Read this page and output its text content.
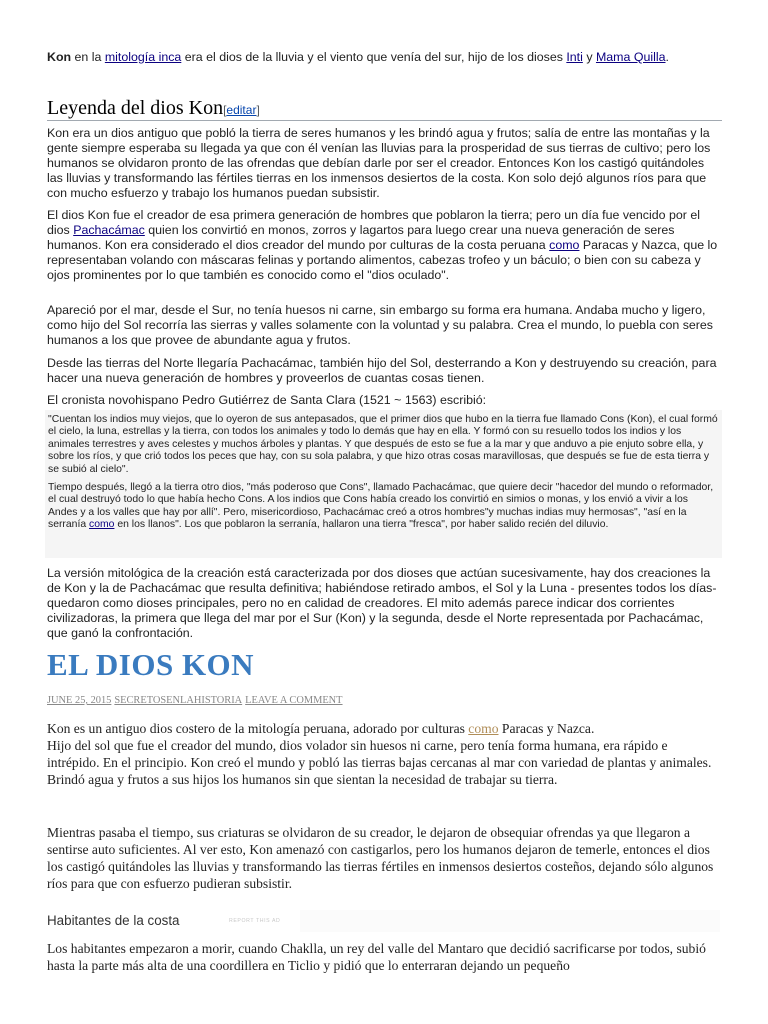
Kon en la mitología inca era el dios de la lluvia y el viento que venía del sur, hijo de los dioses Inti y Mama Quilla.

Leyenda del dios Kon[editar]

Kon era un dios antiguo que pobló la tierra de seres humanos y les brindó agua y frutos; salía de entre las montañas y la gente siempre esperaba su llegada ya que con él venían las lluvias para la prosperidad de sus tierras de cultivo; pero los humanos se olvidaron pronto de las ofrendas que debían darle por ser el creador. Entonces Kon los castigó quitándoles las lluvias y transformando las fértiles tierras en los inmensos desiertos de la costa. Kon solo dejó algunos ríos para que con mucho esfuerzo y trabajo los humanos puedan subsistir.

El dios Kon fue el creador de esa primera generación de hombres que poblaron la tierra; pero un día fue vencido por el dios Pachacámac quien los convirtió en monos, zorros y lagartos para luego crear una nueva generación de seres humanos. Kon era considerado el dios creador del mundo por culturas de la costa peruana como Paracas y Nazca, que lo representaban volando con máscaras felinas y portando alimentos, cabezas trofeo y un báculo; o bien con su cabeza y ojos prominentes por lo que también es conocido como el "dios oculado".

Apareció por el mar, desde el Sur, no tenía huesos ni carne, sin embargo su forma era humana. Andaba mucho y ligero, como hijo del Sol recorría las sierras y valles solamente con la voluntad y su palabra. Crea el mundo, lo puebla con seres humanos a los que provee de abundante agua y frutos.

Desde las tierras del Norte llegaría Pachacámac, también hijo del Sol, desterrando a Kon y destruyendo su creación, para hacer una nueva generación de hombres y proveerlos de cuantas cosas tienen.

El cronista novohispano Pedro Gutiérrez de Santa Clara (1521 ~ 1563) escribió:

"Cuentan los indios muy viejos, que lo oyeron de sus antepasados, que el primer dios que hubo en la tierra fue llamado Cons (Kon), el cual formó el cielo, la luna, estrellas y la tierra, con todos los animales y todo lo demás que hay en ella. Y formó con su resuello todos los indios y los animales terrestres y aves celestes y muchos árboles y plantas. Y que después de esto se fue a la mar y que anduvo a pie enjuto sobre ella, y sobre los ríos, y que crió todos los peces que hay, con su sola palabra, y que hizo otras cosas maravillosas, que después se fue de esta tierra y se subió al cielo".

Tiempo después, llegó a la tierra otro dios, "más poderoso que Cons", llamado Pachacámac, que quiere decir "hacedor del mundo o reformador, el cual destruyó todo lo que había hecho Cons. A los indios que Cons había creado los convirtió en simios o monas, y los envió a vivir a los Andes y a los valles que hay por allí". Pero, misericordioso, Pachacámac creó a otros hombres"y muchas indias muy hermosas", "así en la serranía como en los llanos". Los que poblaron la serranía, hallaron una tierra "fresca", por haber salido recién del diluvio.

La versión mitológica de la creación está caracterizada por dos dioses que actúan sucesivamente, hay dos creaciones la de Kon y la de Pachacámac que resulta definitiva; habiéndose retirado ambos, el Sol y la Luna - presentes todos los días- quedaron como dioses principales, pero no en calidad de creadores. El mito además parece indicar dos corrientes civilizadoras, la primera que llega del mar por el Sur (Kon) y la segunda, desde el Norte representada por Pachacámac, que ganó la confrontación.

EL DIOS KON
JUNE 25, 2015 SECRETOSENLAHISTORIA LEAVE A COMMENT

Kon es un antiguo dios costero de la mitología peruana, adorado por culturas como Paracas y Nazca.
Hijo del sol que fue el creador del mundo, dios volador sin huesos ni carne, pero tenía forma humana, era rápido e intrépido. En el principio. Kon creó el mundo y pobló las tierras bajas cercanas al mar con variedad de plantas y animales. Brindó agua y frutos a sus hijos los humanos sin que sientan la necesidad de trabajar su tierra.

Mientras pasaba el tiempo, sus criaturas se olvidaron de su creador, le dejaron de obsequiar ofrendas ya que llegaron a sentirse auto suficientes. Al ver esto, Kon amenazó con castigarlos, pero los humanos dejaron de temerle, entonces el dios los castigó quitándoles las lluvias y transformando las tierras fértiles en inmensos desiertos costeños, dejando sólo algunos ríos para que con esfuerzo pudieran subsistir.

Habitantes de la costa	REPORT THIS AD

Los habitantes empezaron a morir, cuando Chaklla, un rey del valle del Mantaro que decidió sacrificarse por todos, subió hasta la parte más alta de una coordillera en Ticlio y pidió que lo enterraran dejando un pequeño
